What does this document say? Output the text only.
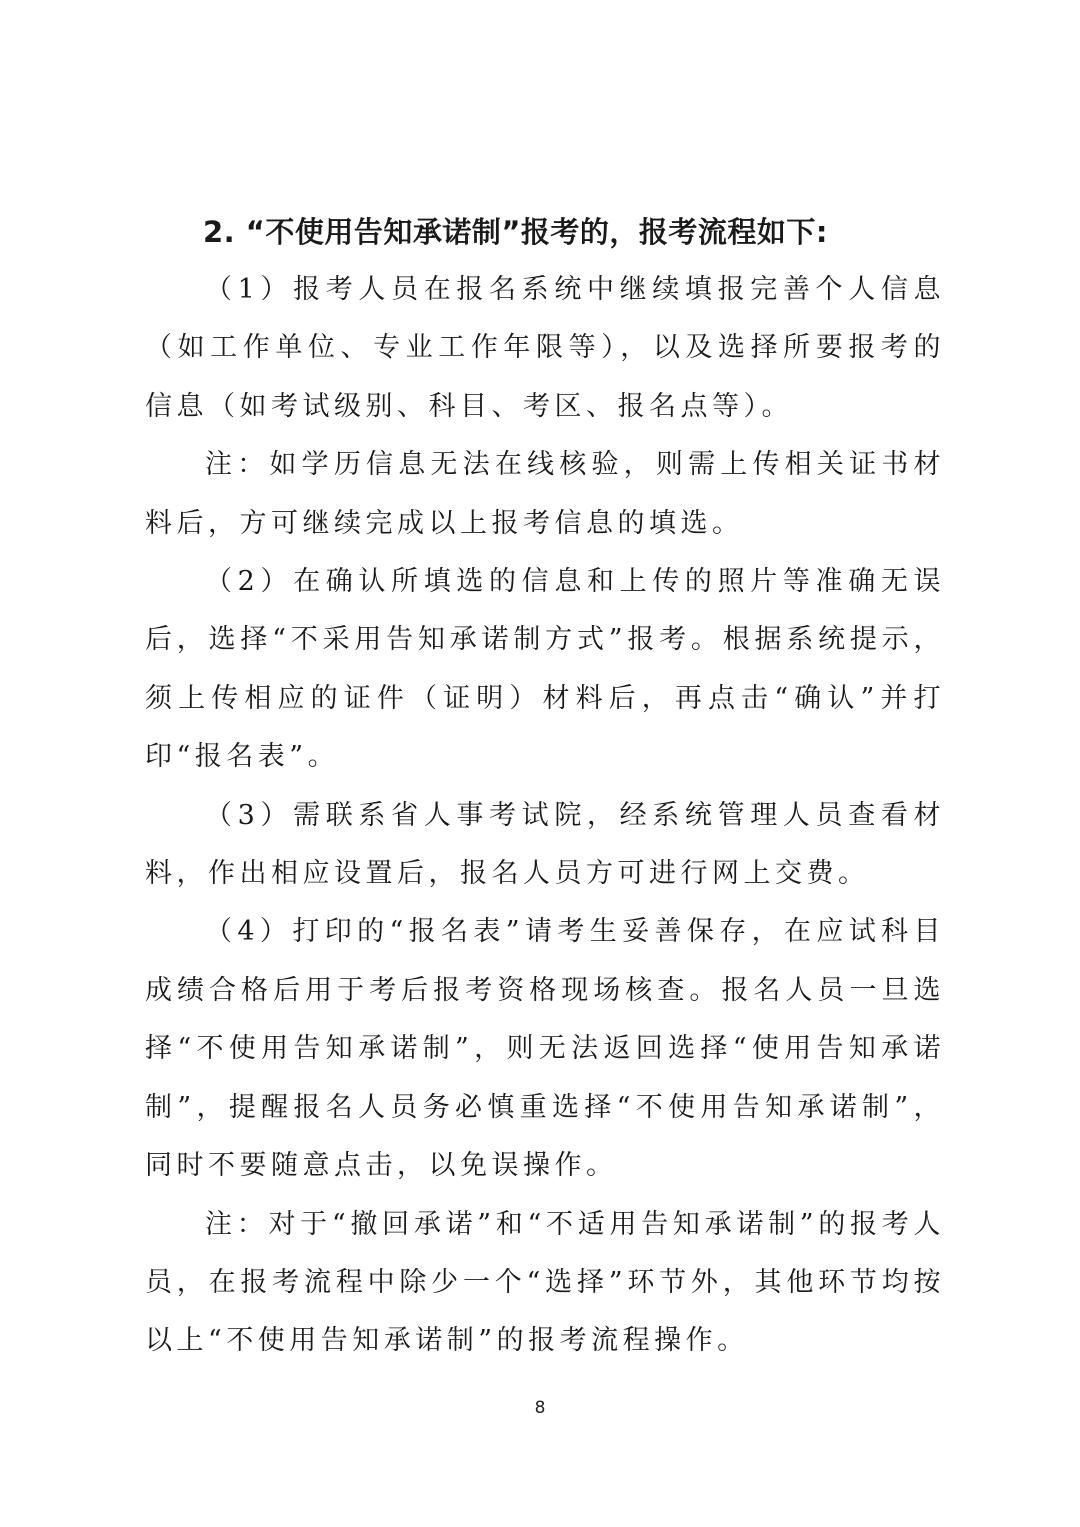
2. “不使用告知承诺制”报考的，报考流程如下:

（1）报考人员在报名系统中继续填报完善个人信息（如工作单位、专业工作年限等），以及选择所要报考的信息（如考试级别、科目、考区、报名点等）。

注：如学历信息无法在线核验，则需上传相关证书材料后，方可继续完成以上报考信息的填选。

（2）在确认所填选的信息和上传的照片等准确无误后，选择“不采用告知承诺制方式”报考。根据系统提示，须上传相应的证件（证明）材料后，再点击“确认”并打印“报名表”。

（3）需联系省人事考试院，经系统管理人员查看材料，作出相应设置后，报名人员方可进行网上交费。

（4）打印的“报名表”请考生妥善保存，在应试科目成绩合格后用于考后报考资格现场核查。报名人员一旦选择“不使用告知承诺制”，则无法返回选择“使用告知承诺制”，提醒报名人员务必慎重选择“不使用告知承诺制”，同时不要随意点击，以免误操作。

注：对于“撤回承诺”和“不适用告知承诺制”的报考人员，在报考流程中除少一个“选择”环节外，其他环节均按以上“不使用告知承诺制”的报考流程操作。

8
